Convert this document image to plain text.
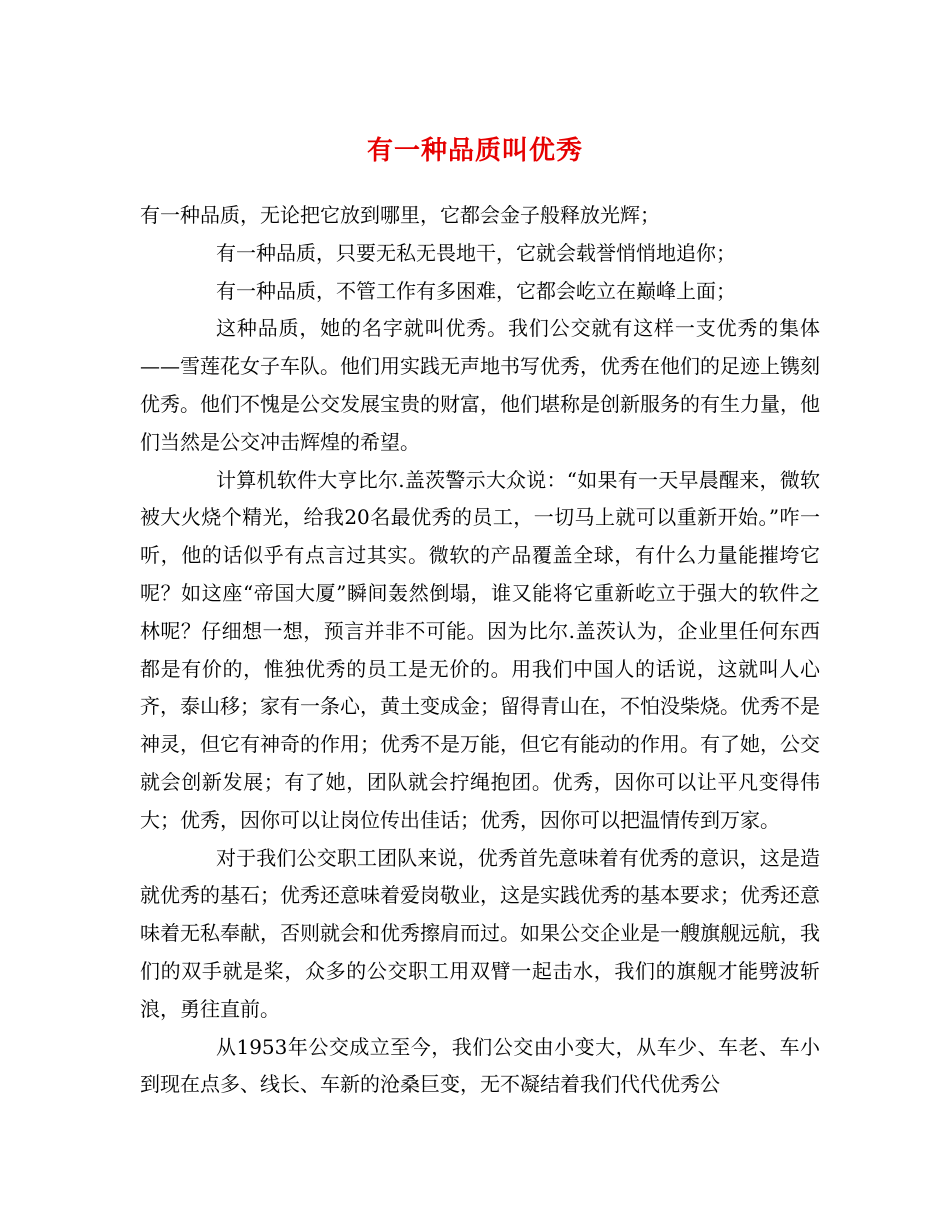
有一种品质叫优秀

有一种品质，无论把它放到哪里，它都会金子般释放光辉；

有一种品质，只要无私无畏地干，它就会载誉悄悄地追你；

有一种品质，不管工作有多困难，它都会屹立在巅峰上面；

这种品质，她的名字就叫优秀。我们公交就有这样一支优秀的集体——雪莲花女子车队。他们用实践无声地书写优秀，优秀在他们的足迹上镌刻优秀。他们不愧是公交发展宝贵的财富，他们堪称是创新服务的有生力量，他们当然是公交冲击辉煌的希望。

计算机软件大亨比尔.盖茨警示大众说：“如果有一天早晨醒来，微软被大火烧个精光，给我20名最优秀的员工，一切马上就可以重新开始。”咋一听，他的话似乎有点言过其实。微软的产品覆盖全球，有什么力量能摧垮它呢？如这座“帝国大厦”瞬间轰然倒塌，谁又能将它重新屹立于强大的软件之林呢？仔细想一想，预言并非不可能。因为比尔.盖茨认为，企业里任何东西都是有价的，惟独优秀的员工是无价的。用我们中国人的话说，这就叫人心齐，泰山移；家有一条心，黄土变成金；留得青山在，不怕没柴烧。优秀不是神灵，但它有神奇的作用；优秀不是万能，但它有能动的作用。有了她，公交就会创新发展；有了她，团队就会拧绳抱团。优秀，因你可以让平凡变得伟大；优秀，因你可以让岗位传出佳话；优秀，因你可以把温情传到万家。

对于我们公交职工团队来说，优秀首先意味着有优秀的意识，这是造就优秀的基石；优秀还意味着爱岗敬业，这是实践优秀的基本要求；优秀还意味着无私奉献，否则就会和优秀擦肩而过。如果公交企业是一艘旗舰远航，我们的双手就是桨，众多的公交职工用双臂一起击水，我们的旗舰才能劈波斩浪，勇往直前。

从1953年公交成立至今，我们公交由小变大，从车少、车老、车小到现在点多、线长、车新的沧桑巨变，无不凝结着我们代代优秀公
